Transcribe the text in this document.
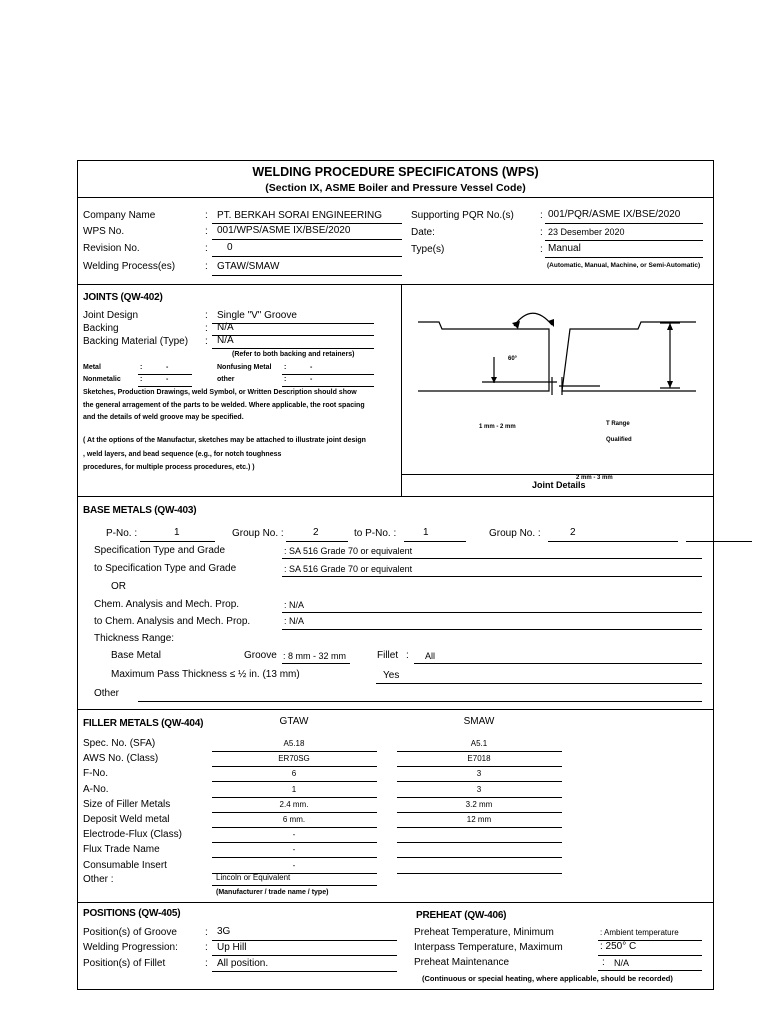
WELDING PROCEDURE SPECIFICATONS (WPS)
(Section IX, ASME Boiler and Pressure Vessel Code)
Company Name	: PT. BERKAH SORAI ENGINEERING
WPS No.	: 001/WPS/ASME IX/BSE/2020
Revision No.	: 0
Welding Process(es)	: GTAW/SMAW
Supporting PQR No.(s)	: 001/PQR/ASME IX/BSE/2020
Date:	: 23 Desember 2020
Type(s)	: Manual
(Automatic, Manual, Machine, or Semi-Automatic)
JOINTS (QW-402)
Joint Design	: Single "V" Groove
Backing	: N/A
Backing Material (Type) : N/A
(Refer to both backing and retainers)
Metal	:	-	Nonfusing Metal :	-
Nonmetalic	:	-	other	:	-
Sketches, Production Drawings, weld Symbol, or Written Description should show
the general arragement of the parts to be welded. Where applicable, the root spacing
and the details of weld groove may be specified.
( At the options of the Manufactur, sketches may be attached to illustrate joint design
, weld layers, and bead sequence (e.g., for notch toughness
procedures, for multiple process procedures, etc.) )
60°
1 mm - 2 mm	T Range
Qualified
Joint Details
2 mm - 3 mm
BASE METALS (QW-403)
P-No. :	1	Group No. :	2	to P-No. :	1	Group No. :	2
Specification Type and Grade	: SA 516 Grade 70 or equivalent
to Specification Type and Grade	: SA 516 Grade 70 or equivalent
OR
Chem. Analysis and Mech. Prop.	: N/A
to Chem. Analysis and Mech. Prop.	: N/A
Thickness Range:
Base Metal	Groove : 8 mm - 32 mm	Fillet : All
Maximum Pass Thickness ≤ ½ in. (13 mm)	Yes
Other
FILLER METALS (QW-404)	GTAW	SMAW
Spec. No. (SFA)	A5.18	A5.1
AWS No. (Class)	ER70SG	E7018
F-No.	6	3
A-No.	1	3
Size of Filler Metals	2.4 mm.	3.2 mm
Deposit Weld metal	6 mm.	12 mm
Electrode-Flux (Class)	-
Flux Trade Name	-
Consumable Insert	-
Other :	Lincoln or Equivalent
(Manufacturer / trade name / type)
POSITIONS (QW-405)
Position(s) of Groove	: 3G
Welding Progression:	: Up Hill
Position(s) of Fillet	: All position.
PREHEAT (QW-406)
Preheat Temperature, Minimum	: Ambient temperature
Interpass Temperature, Maximum	: 250° C
Preheat Maintenance	: N/A
(Continuous or special heating, where applicable, should be recorded)
